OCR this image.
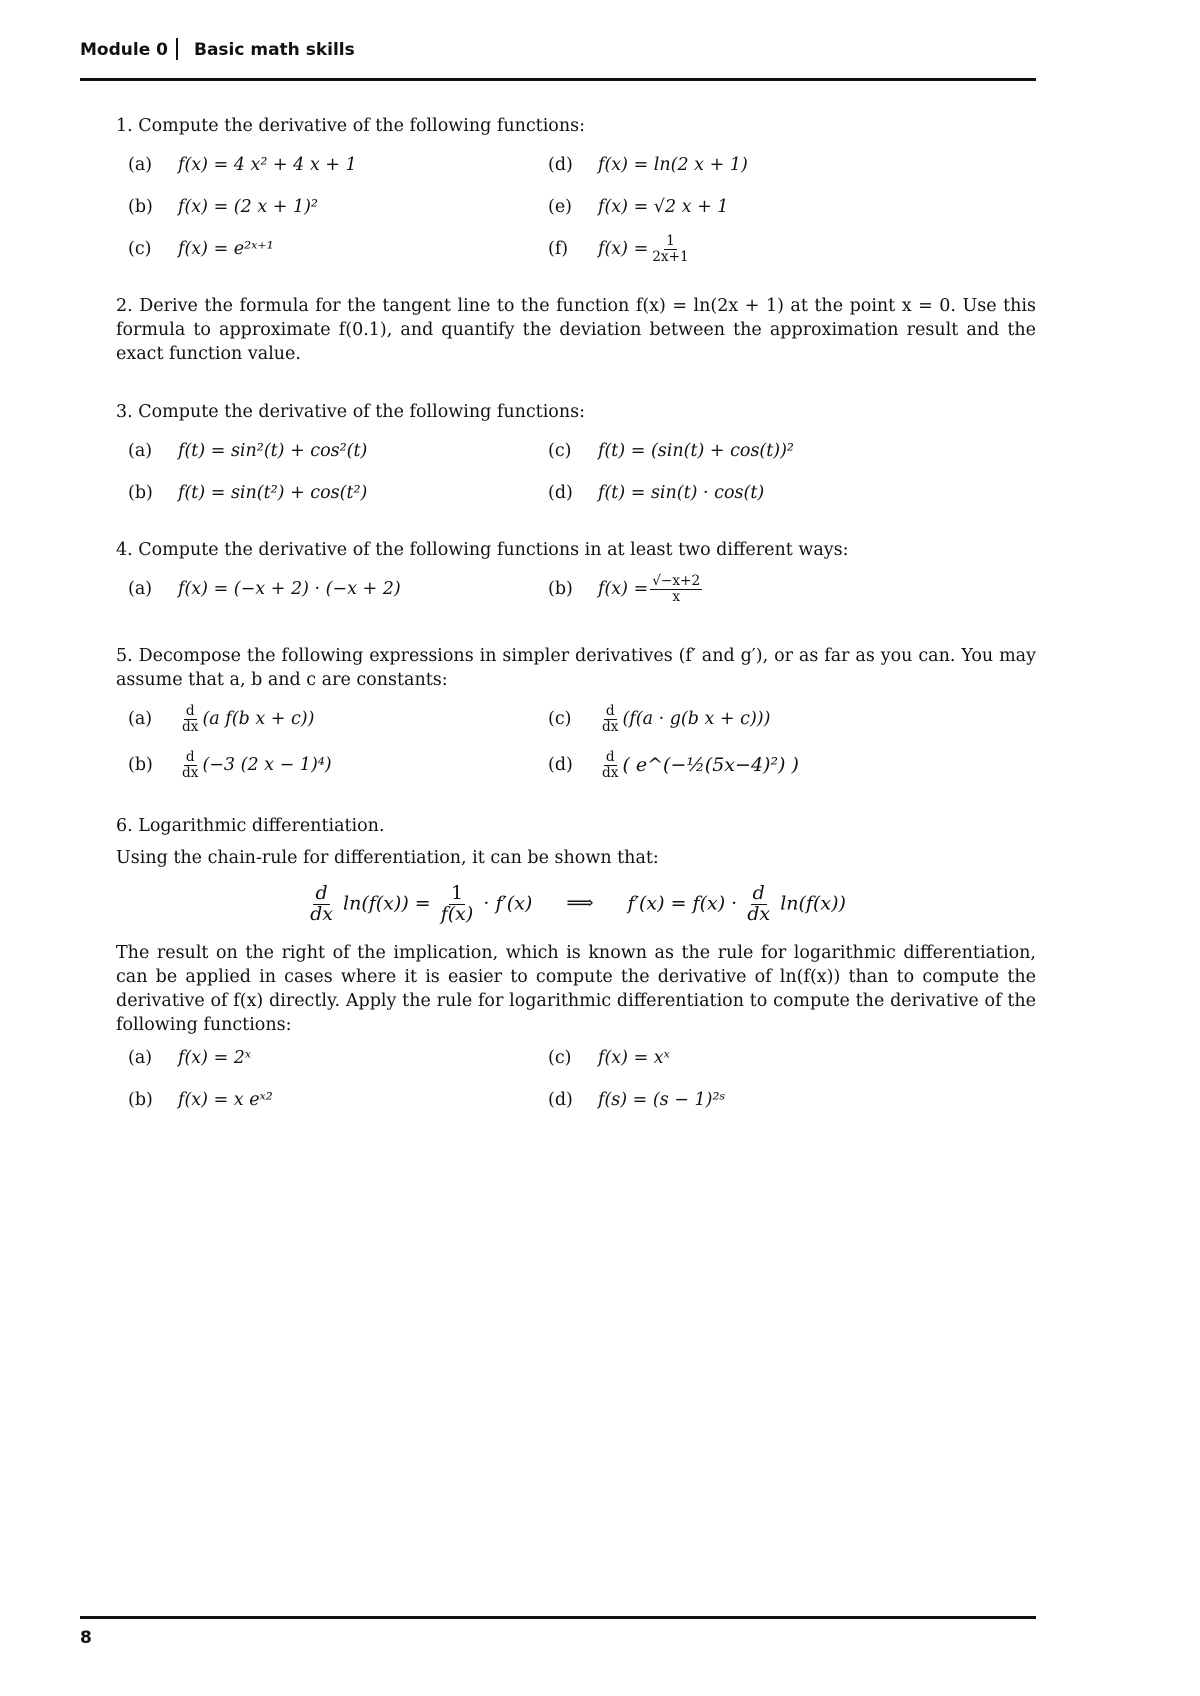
Module 0 Basic math skills

1. Compute the derivative of the following functions:

(a)	f(x) = 4 x² + 4 x + 1	(d)	f(x) = ln(2 x + 1)
(b)	f(x) = (2 x + 1)²	(e)	f(x) = √2 x + 1
(c)	f(x) = e²ˣ⁺¹	(f)	$f(x) = \frac{1}{2x+1}$

2. Derive the formula for the tangent line to the function f(x) = ln(2x + 1) at the point x = 0. Use this formula to approximate f(0.1), and quantify the deviation between the approximation result and the exact function value.

3. Compute the derivative of the following functions:

(a)	f(t) = sin²(t) + cos²(t)	(c)	f(t) = (sin(t) + cos(t))²
(b)	f(t) = sin(t²) + cos(t²)	(d)	f(t) = sin(t) · cos(t)

4. Compute the derivative of the following functions in at least two different ways:

(a)	f(x) = (−x + 2) · (−x + 2)	(b)	$f(x) = \frac{√-x+2}{x}$

5. Decompose the following expressions in simpler derivatives (f′ and g′), or as far as you can. You may assume that a, b and c are constants:

(a)	$\frac{d}{dx} (a$ f(b x + c))	(c)	$\frac{d}{dx} (f(a \cdot g(b$ x + c)))
(b)	$\frac{d}{dx} (-3$ (2 x − 1)⁴)	(d)	$\frac{d}{dx}$ ( e^(−½(5x−4)²) )

6. Logarithmic differentiation.

Using the chain-rule for differentiation, it can be shown that:

$\frac{d}{dx} \ln(f(x)) = \frac{1}{f(x)} \cdot f'(x)$ ⟹ $f'(x) = f(x) \cdot \frac{d}{dx} \ln(f(x))$

The result on the right of the implication, which is known as the rule for logarithmic differentiation, can be applied in cases where it is easier to compute the derivative of ln(f(x)) than to compute the derivative of f(x) directly. Apply the rule for logarithmic differentiation to compute the derivative of the following functions:

(a)	f(x) = 2ˣ	(c)	f(x) = xˣ
(b)	f(x) = x eˣ²	(d)	f(s) = (s − 1)²ˢ
8
